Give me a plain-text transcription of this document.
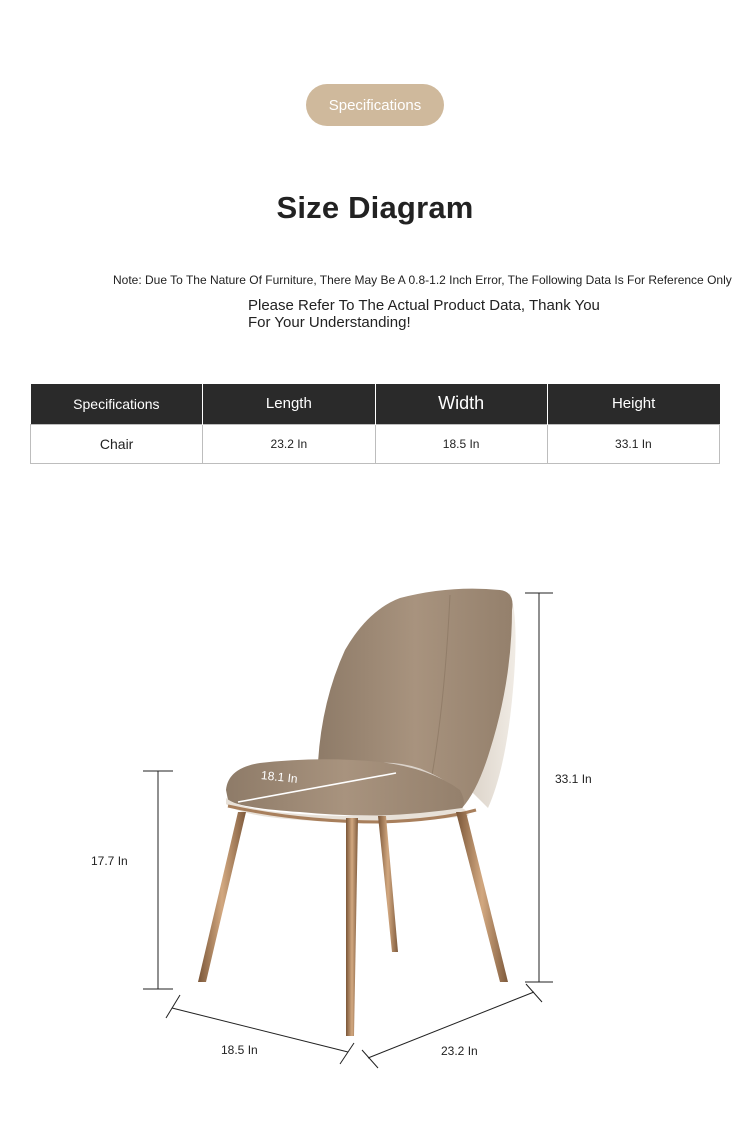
Specifications
Size Diagram
Note: Due To The Nature Of Furniture, There May Be A 0.8-1.2 Inch Error, The Following Data Is For Reference Only
Please Refer To The Actual Product Data, Thank You For Your Understanding!
Specifications	Length	Width	Height
Chair	23.2 In	18.5 In	33.1 In
18.1 In	33.1 In
17.7 In
18.5 In	23.2 In
